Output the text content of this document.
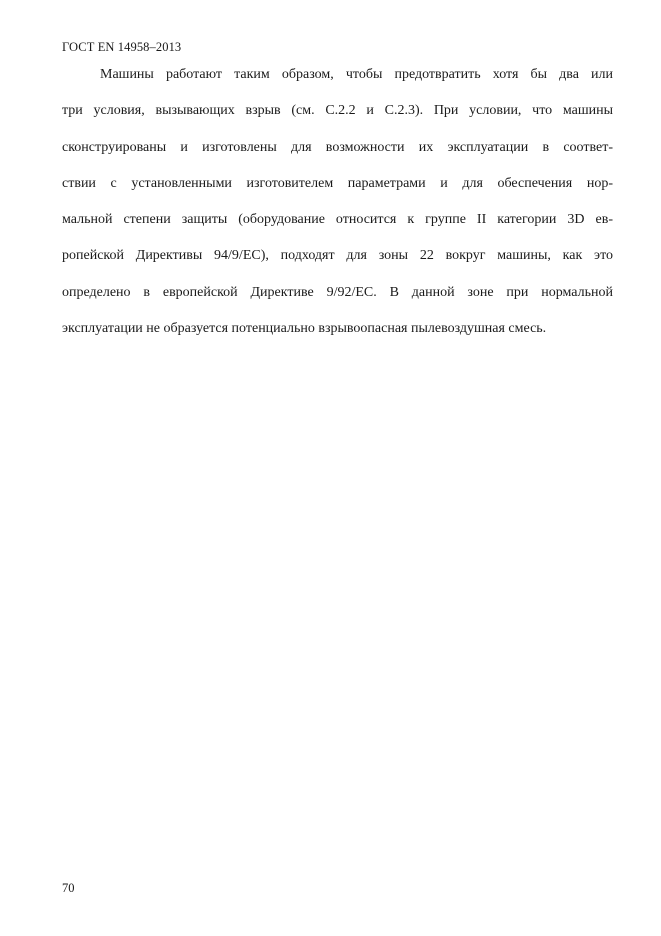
ГОСТ EN 14958–2013
Машины работают таким образом, чтобы предотвратить хотя бы два или
три условия, вызывающих взрыв (см. С.2.2 и С.2.3). При условии, что машины
сконструированы и изготовлены для возможности их эксплуатации в соответ-
ствии с установленными изготовителем параметрами и для обеспечения нор-
мальной степени защиты (оборудование относится к группе II категории 3D ев-
ропейской Директивы 94/9/ЕС), подходят для зоны 22 вокруг машины, как это
определено в европейской Директиве 9/92/ЕС. В данной зоне при нормальной
эксплуатации не образуется потенциально взрывоопасная пылевоздушная смесь.
70
